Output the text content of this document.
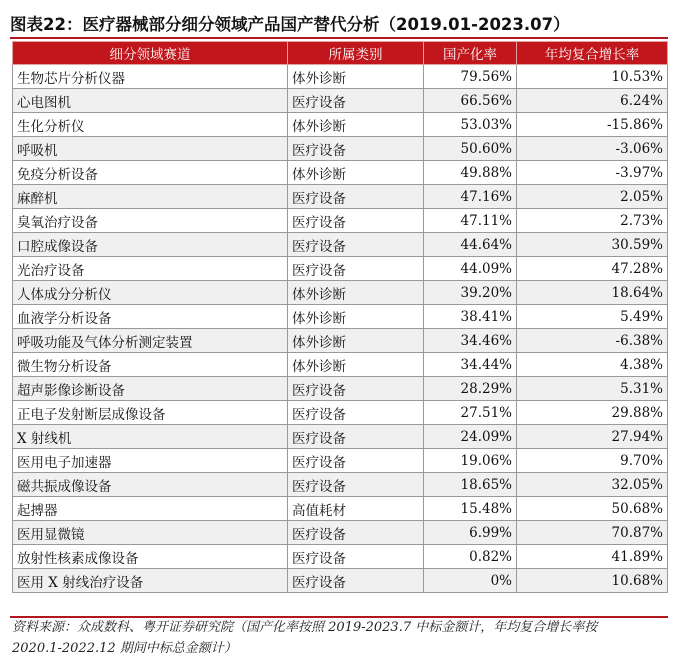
图表22：医疗器械部分细分领域产品国产替代分析（2019.01-2023.07）
细分领域赛道	所属类别	国产化率	年均复合增长率
生物芯片分析仪器	体外诊断	79.56%	10.53%
心电图机	医疗设备	66.56%	6.24%
生化分析仪	体外诊断	53.03%	-15.86%
呼吸机	医疗设备	50.60%	-3.06%
免疫分析设备	体外诊断	49.88%	-3.97%
麻醉机	医疗设备	47.16%	2.05%
臭氧治疗设备	医疗设备	47.11%	2.73%
口腔成像设备	医疗设备	44.64%	30.59%
光治疗设备	医疗设备	44.09%	47.28%
人体成分分析仪	体外诊断	39.20%	18.64%
血液学分析设备	体外诊断	38.41%	5.49%
呼吸功能及气体分析测定装置	体外诊断	34.46%	-6.38%
微生物分析设备	体外诊断	34.44%	4.38%
超声影像诊断设备	医疗设备	28.29%	5.31%
正电子发射断层成像设备	医疗设备	27.51%	29.88%
X 射线机	医疗设备	24.09%	27.94%
医用电子加速器	医疗设备	19.06%	9.70%
磁共振成像设备	医疗设备	18.65%	32.05%
起搏器	高值耗材	15.48%	50.68%
医用显微镜	医疗设备	6.99%	70.87%
放射性核素成像设备	医疗设备	0.82%	41.89%
医用 X 射线治疗设备	医疗设备	0%	10.68%
资料来源：众成数科、粤开证券研究院（国产化率按照 2019-2023.7 中标金额计，年均复合增长率按
2020.1-2022.12 期间中标总金额计）
